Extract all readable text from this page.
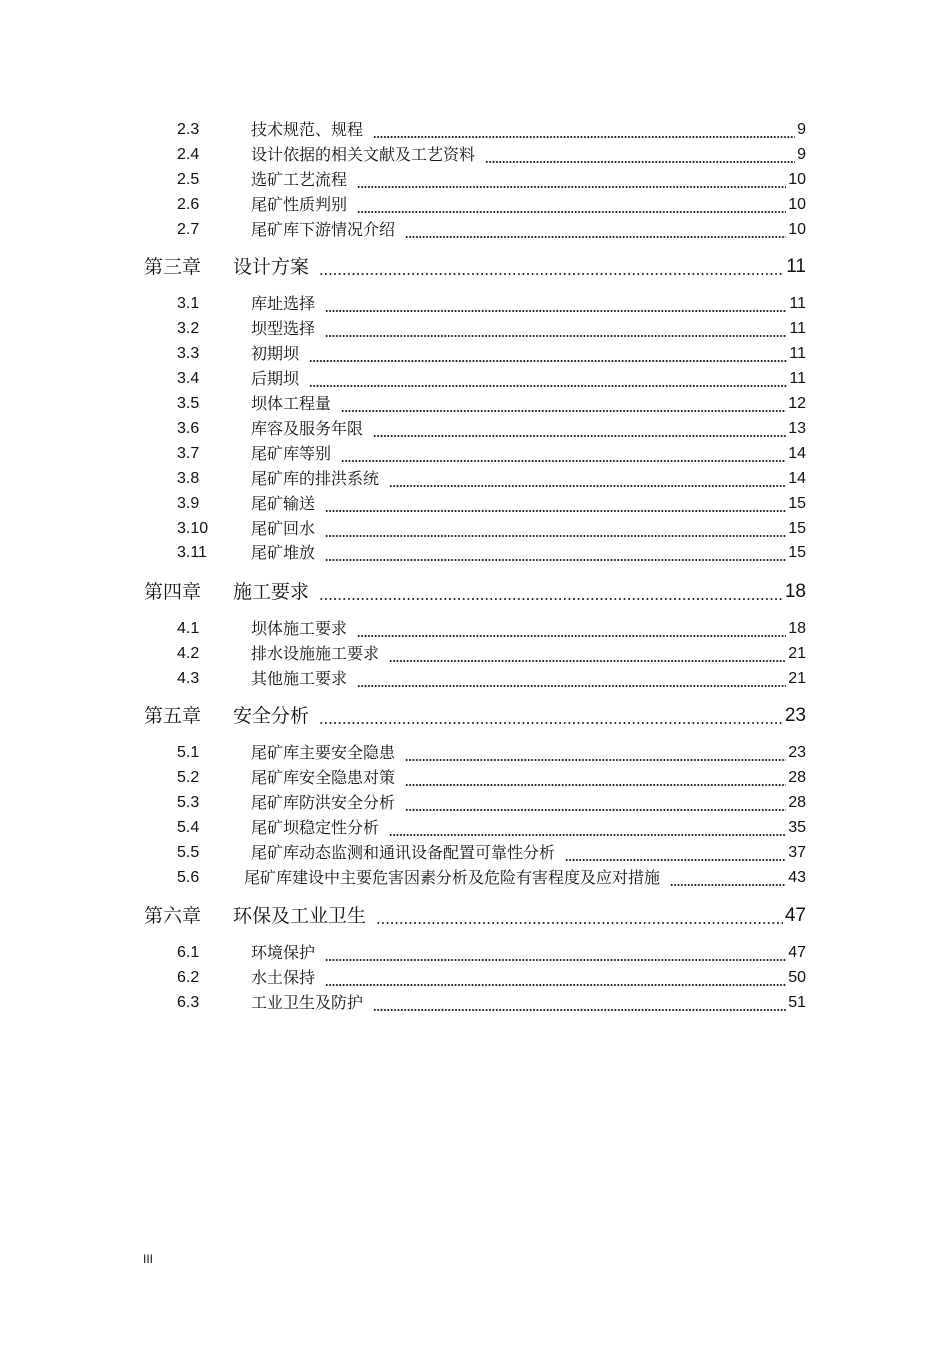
2.3	技术规范、规程	9
2.4	设计依据的相关文献及工艺资料	9
2.5	选矿工艺流程	10
2.6	尾矿性质判别	10
2.7	尾矿库下游情况介绍	10
第三章 设计方案	11
3.1	库址选择	11
3.2	坝型选择	11
3.3	初期坝	11
3.4	后期坝	11
3.5	坝体工程量	12
3.6	库容及服务年限	13
3.7	尾矿库等别	14
3.8	尾矿库的排洪系统	14
3.9	尾矿输送	15
3.10	尾矿回水	15
3.11	尾矿堆放	15
第四章 施工要求	18
4.1	坝体施工要求	18
4.2	排水设施施工要求	21
4.3	其他施工要求	21
第五章 安全分析	23
5.1	尾矿库主要安全隐患	23
5.2	尾矿库安全隐患对策	28
5.3	尾矿库防洪安全分析	28
5.4	尾矿坝稳定性分析	35
5.5	尾矿库动态监测和通讯设备配置可靠性分析	37
5.6	尾矿库建设中主要危害因素分析及危险有害程度及应对措施	43
第六章 环保及工业卫生	47
6.1	环境保护	47
6.2	水土保持	50
6.3	工业卫生及防护	51
III
